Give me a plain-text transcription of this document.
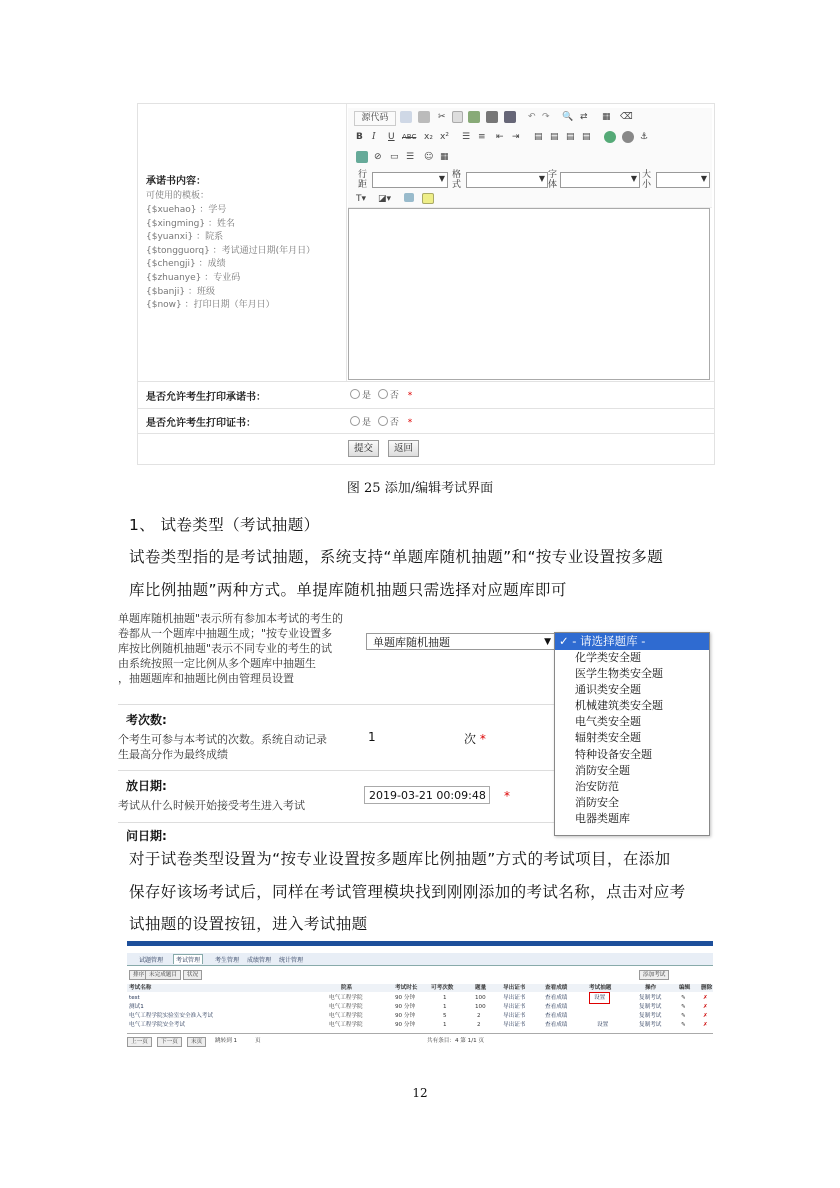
承诺书内容：
可使用的模板：
{$xuehao} ：学号
{$xingming} ：姓名
{$yuanxi} ：院系
{$tongguorq} ：考试通过日期(年月日）
{$chengji} ：成绩
{$zhuanye} ：专业码
{$banji} ：班级
{$now} ：打印日期（年月日）
源代码	✂	↶ ↷ 🔍 ⇄ ▦ ⌫
B I U ABC x₂ x² ☰ ≡ ⇤ ⇥ ▤ ▤ ▤ ▤	⚓
⊘ ▭ ☰ ☺ ▦
行距
▼ 格式
▼ 字体
▼ 大小
▼
T▾ ◪▾
是否允许考生打印承诺书：	是 否 *
是否允许考生打印证书：	是 否 *
提交	返回
图 25 添加/编辑考试界面
1、 试卷类型（考试抽题）
试卷类型指的是考试抽题，系统支持“单题库随机抽题”和“按专业设置按多题
库比例抽题”两种方式。单提库随机抽题只需选择对应题库即可
单题库随机抽题"表示所有参加本考试的考生的
卷都从一个题库中抽题生成；"按专业设置多
库按比例随机抽题"表示不同专业的考生的试
由系统按照一定比例从多个题库中抽题生
，抽题题库和抽题比例由管理员设置
单题库随机抽题	▼
考次数:
个考生可参与本考试的次数。系统自动记录
生最高分作为最终成绩
1	次 *
放日期:
考试从什么时候开始接受考生进入考试
2019-03-21 00:09:48	*
问日期:
✓ - 请选择题库 -
化学类安全题
医学生物类安全题
通识类安全题
机械建筑类安全题
电气类安全题
辐射类安全题
特种设备安全题
消防安全题
治安防范
消防安全
电器类题库
对于试卷类型设置为“按专业设置按多题库比例抽题”方式的考试项目，在添加
保存好该场考试后，同样在考试管理模块找到刚刚添加的考试名称，点击对应考
试抽题的设置按钮，进入考试抽题
试题管理	考试管理	考生管理 成绩管理 统计管理
排序 未完成题目	状况	添加考试
考试名称	院系	考试时长 可考次数	题量	导出证书	查看成绩	考试抽题	操作	编辑 删除
test	电气工程学院	90 分钟	1	100	导出证书	查看成绩	设置	复制考试	✎	✗
测试1	电气工程学院	90 分钟	1	100	导出证书	查看成绩	复制考试	✎	✗
电气工程学院实验室安全准入考试	电气工程学院	90 分钟	5	2	导出证书	查看成绩	复制考试	✎	✗
电气工程学院安全考试	电气工程学院	90 分钟	1	2	导出证书	查看成绩	设置	复制考试	✎	✗
上一页	下一页	末页	跳转到 1	页	共有条目：4 第 1/1 页
12
